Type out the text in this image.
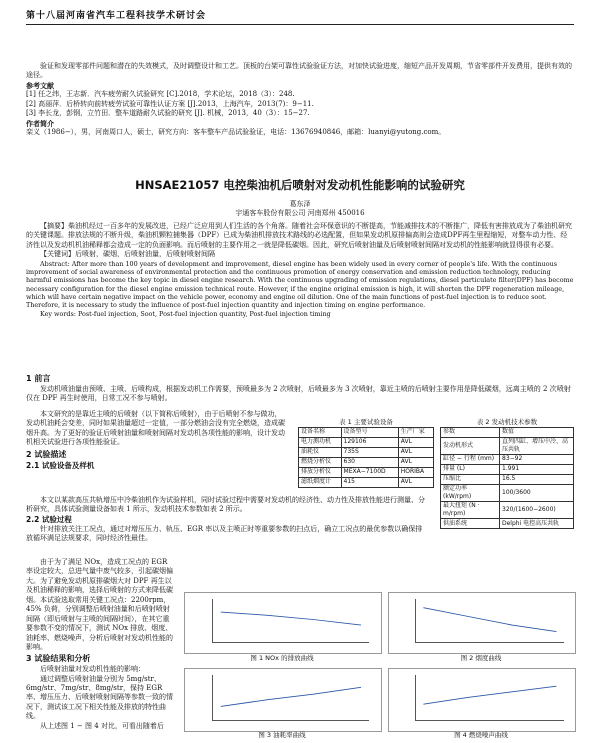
第十八届河南省汽车工程科技学术研讨会

验证和发现零部件问题和潜在的失效模式，及时调整设计和工艺。顶板的台架可靠性试验验证方法，对加快试验进度，缩短产品开发周期，节省零部件开发费用，提供有效的途径。

参考文献

[1] 任之纬，王志新．汽车疲劳耐久试验研究 [C].2018，学术论坛，2018（3）：248.

[2] 高丽萍．后桥转向前转疲劳试验可靠性认证方案 [J].2013，上海汽车，2013(7)：9−11.

[3] 李长龙，彭钢，立竹田．整车道路耐久试验的研究 [J]. 机械，2013，40（3）：15−27.

作者简介

栾义（1986−），男，河南周口人，硕士，研究方向：客车整车产品试验验证，电话：13676940846，邮箱：luanyi@yutong.com。

HNSAE21057 电控柴油机后喷射对发动机性能影响的试验研究

葛东泽

宇通客车股份有限公司 河南郑州 450016

【摘要】柴油机经过一百多年的发展改进，已经广泛应用到人们生活的各个角落。随着社会环保意识的不断提高，节能减排技术的不断推广，降低有害排放成为了柴油机研究的关键课题。排放法规的不断升级，柴油机颗粒捕集器（DPF）已成为柴油机排放技术路线的必选配置，但如果发动机原排偏高则会造成DPF再生里程缩短，对整车动力性、经济性以及发动机机油稀释都会造成一定的负面影响。而后喷射的主要作用之一就是降低碳烟。因此，研究后喷射油量及后喷射喷射间隔对发动机的性能影响就显得很有必要。

【关键词】后喷射，碳烟，后喷射油量，后喷射喷射间隔

Abstract: After more than 100 years of development and improvement, diesel engine has been widely used in every corner of people's life. With the continuous improvement of social awareness of environmental protection and the continuous promotion of energy conservation and emission reduction technology, reducing harmful emissions has become the key topic in diesel engine research. With the continuous upgrading of emission regulations, diesel particulate filter(DPF) has become necessary configuration for the diesel engine emission technical route. However, if the engine original emission is high, it will shorten the DPF regeneration mileage, which will have certain negative impact on the vehicle power, economy and engine oil dilution. One of the main functions of post-fuel injection is to reduce soot. Therefore, it is necessary to study the influence of post-fuel injection quantity and injection timing on engine performance.

Key words: Post-fuel injection, Soot, Post-fuel injection quantity, Post-fuel injection timing

1 前言

发动机喷油量由预喷、主喷、后喷构成，根据发动机工作需要，预喷最多为 2 次喷射，后喷最多为 3 次喷射，靠近主喷的后喷射主要作用是降低碳烟，远离主喷的 2 次喷射仅在 DPF 再生时使用，日常工况不参与喷射。

本文研究的是靠近主喷的后喷射（以下简称后喷射），由于后喷射不参与做功，发动机油耗会变差，同时如果油量超过一定值，一部分燃油会没有完全燃烧，造成碳烟升高。为了更好的验证后喷射油量和喷射间隔对发动机各项性能的影响，设计发动机相关试验进行各项性能验证。

2 试验描述

2.1 试验设备及样机

表 1 主要试验设备

设备名称	设备型号	生产厂家
电力测功机	129106	AVL
油耗仪	735S	AVL
燃烧分析仪	630	AVL
排放分析仪	MEXA−7100D	HORIBA
滤纸烟度计	415	AVL

表 2 发动机技术参数

参数	数值
发动机形式	直列四缸、增压中冷、高压共轨
缸径 − 行程 (mm)	83−92
排量 (L)	1.991
压缩比	16.5
额定功率 (kW/rpm)	100/3600
最大扭矩 (N · m/rpm)	320/(1600−2600)
供油系统	Delphi 电控高压共轨

本文以某款高压共轨增压中冷柴油机作为试验样机，同时试验过程中需要对发动机的经济性、动力性及排放性能进行测量、分析研究，具体试验测量设备如表 1 所示，发动机技术参数如表 2 所示。

2.2 试验过程

针对排放关注工况点，通过对增压压力、轨压、EGR 率以及主喷正时等重要参数的扫点后，确立工况点的最优参数以确保排放循环满足法规要求，同时经济性最佳。

由于为了满足 NOx，造成工况点的 EGR 率设定较大，总进气量中废气较多，引起碳烟偏大。为了避免发动机原排碳烟大对 DPF 再生以及机油稀释的影响，选择后喷射的方式来降低碳烟。本试验选取常用关键工况点：2200rpm，45% 负荷，分别调整后喷射油量和后喷射喷射间隔（即后喷射与主喷的间隔时间），在其它重要参数不变的情况下，测试 NOx 排放、烟度、油耗率、燃烧噪声，分析后喷射对发动机性能的影响。

3 试验结果和分析

后喷射油量对发动机性能的影响：

通过调整后喷射油量分别为 5mg/str、6mg/str、7mg/str、8mg/str，保持 EGR 率、增压压力、后喷射喷射间隔等参数一致的情况下，测试该工况下相关性能及排放的特性曲线。

从上述图 1 − 图 4 对比，可看出随着后

图 1 NOx 的排放曲线	图 2 烟度曲线

图 3 油耗率曲线	图 4 燃烧噪声曲线
